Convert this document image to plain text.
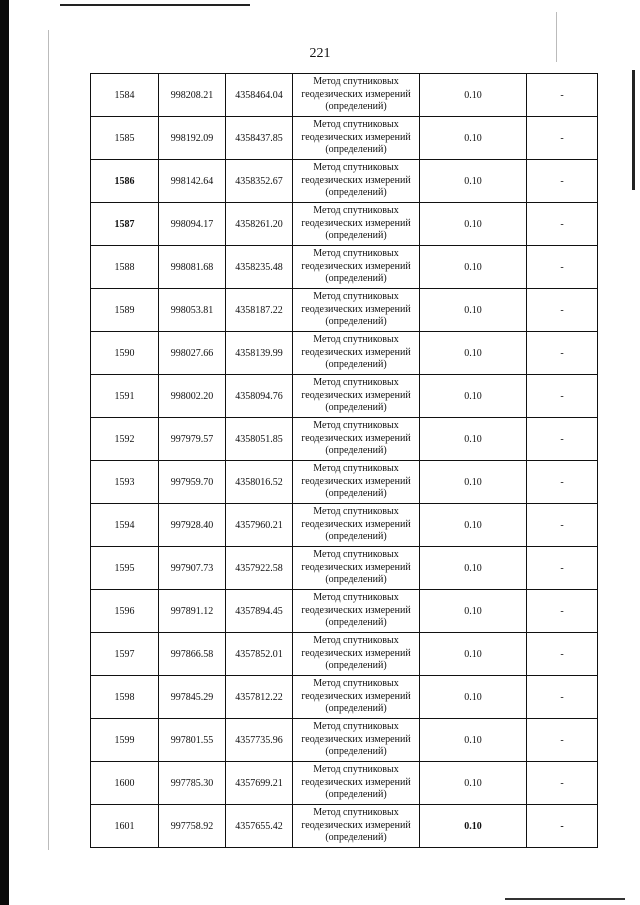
221
1584	998208.21	4358464.04	Метод спутниковых
геодезических измерений
(определений)	0.10	-
1585	998192.09	4358437.85	Метод спутниковых
геодезических измерений
(определений)	0.10	-
1586	998142.64	4358352.67	Метод спутниковых
геодезических измерений
(определений)	0.10	-
1587	998094.17	4358261.20	Метод спутниковых
геодезических измерений
(определений)	0.10	-
1588	998081.68	4358235.48	Метод спутниковых
геодезических измерений
(определений)	0.10	-
1589	998053.81	4358187.22	Метод спутниковых
геодезических измерений
(определений)	0.10	-
1590	998027.66	4358139.99	Метод спутниковых
геодезических измерений
(определений)	0.10	-
1591	998002.20	4358094.76	Метод спутниковых
геодезических измерений
(определений)	0.10	-
1592	997979.57	4358051.85	Метод спутниковых
геодезических измерений
(определений)	0.10	-
1593	997959.70	4358016.52	Метод спутниковых
геодезических измерений
(определений)	0.10	-
1594	997928.40	4357960.21	Метод спутниковых
геодезических измерений
(определений)	0.10	-
1595	997907.73	4357922.58	Метод спутниковых
геодезических измерений
(определений)	0.10	-
1596	997891.12	4357894.45	Метод спутниковых
геодезических измерений
(определений)	0.10	-
1597	997866.58	4357852.01	Метод спутниковых
геодезических измерений
(определений)	0.10	-
1598	997845.29	4357812.22	Метод спутниковых
геодезических измерений
(определений)	0.10	-
1599	997801.55	4357735.96	Метод спутниковых
геодезических измерений
(определений)	0.10	-
1600	997785.30	4357699.21	Метод спутниковых
геодезических измерений
(определений)	0.10	-
1601	997758.92	4357655.42	Метод спутниковых
геодезических измерений
(определений)	0.10	-
